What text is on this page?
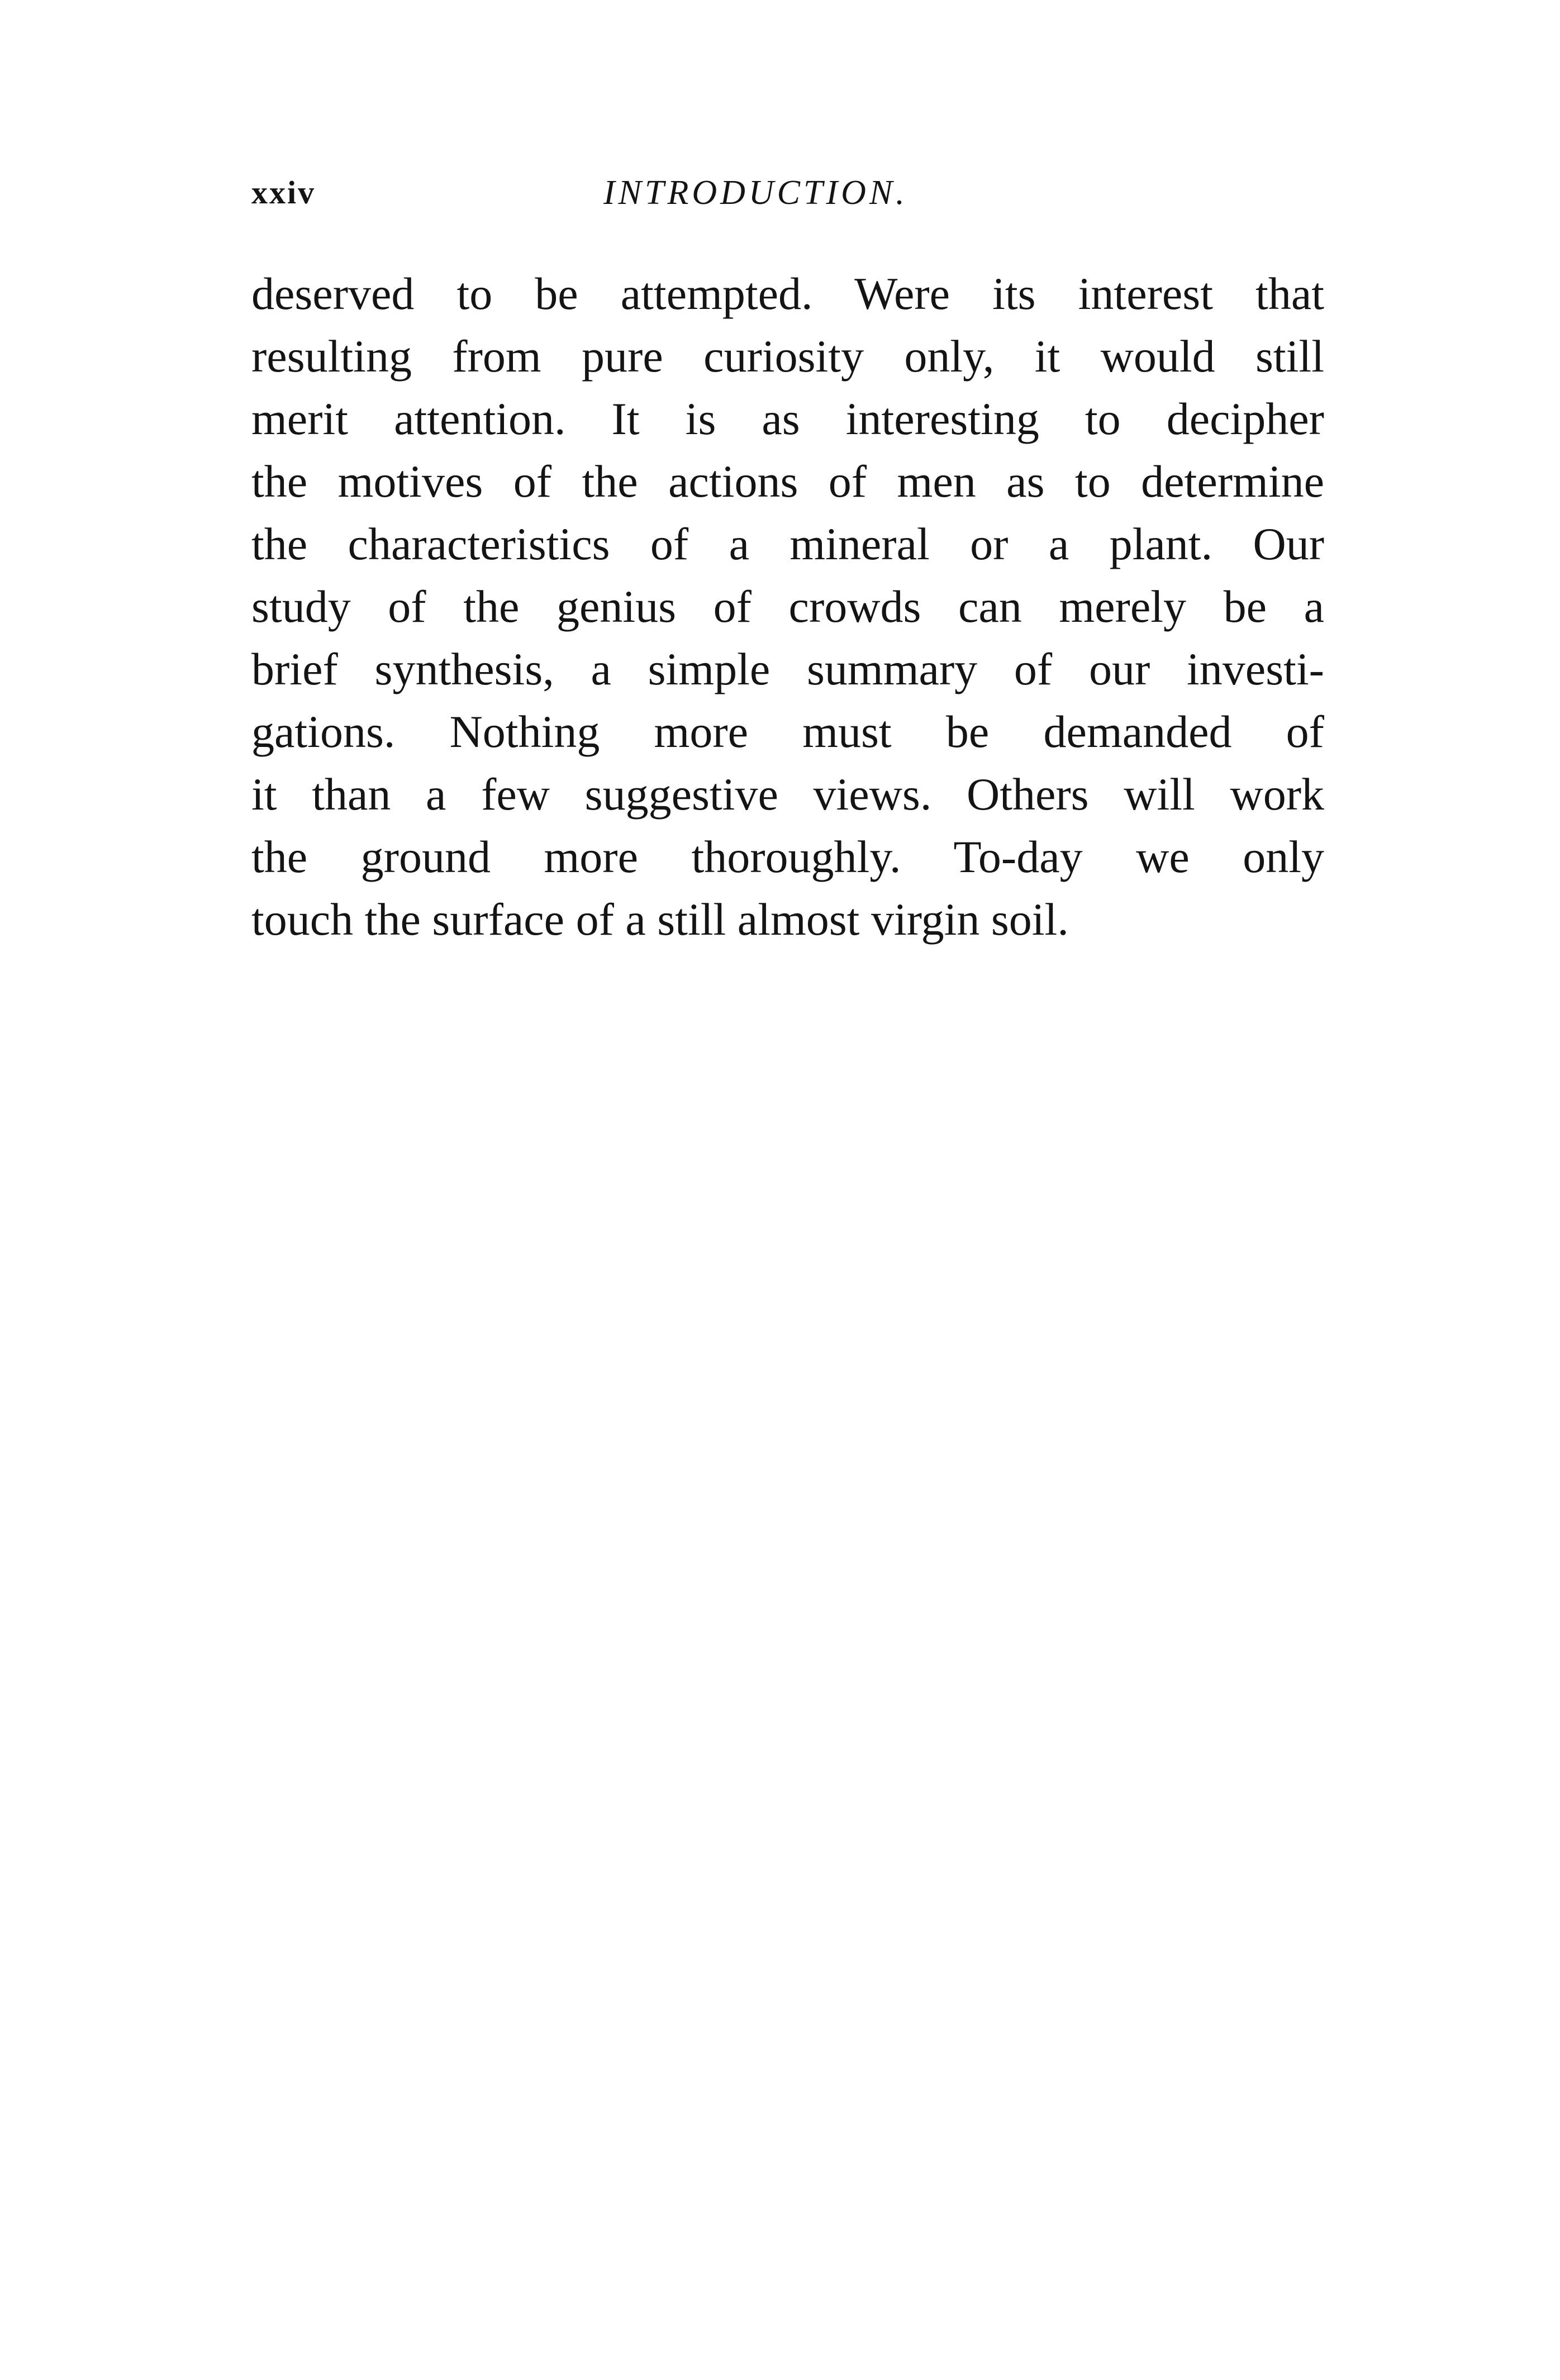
xxiv	INTRODUCTION.
deserved to be attempted. Were its interest that
resulting from pure curiosity only, it would still
merit attention. It is as interesting to decipher
the motives of the actions of men as to determine
the characteristics of a mineral or a plant. Our
study of the genius of crowds can merely be a
brief synthesis, a simple summary of our investi-
gations. Nothing more must be demanded of
it than a few suggestive views. Others will work
the ground more thoroughly. To-day we only
touch the surface of a still almost virgin soil.
